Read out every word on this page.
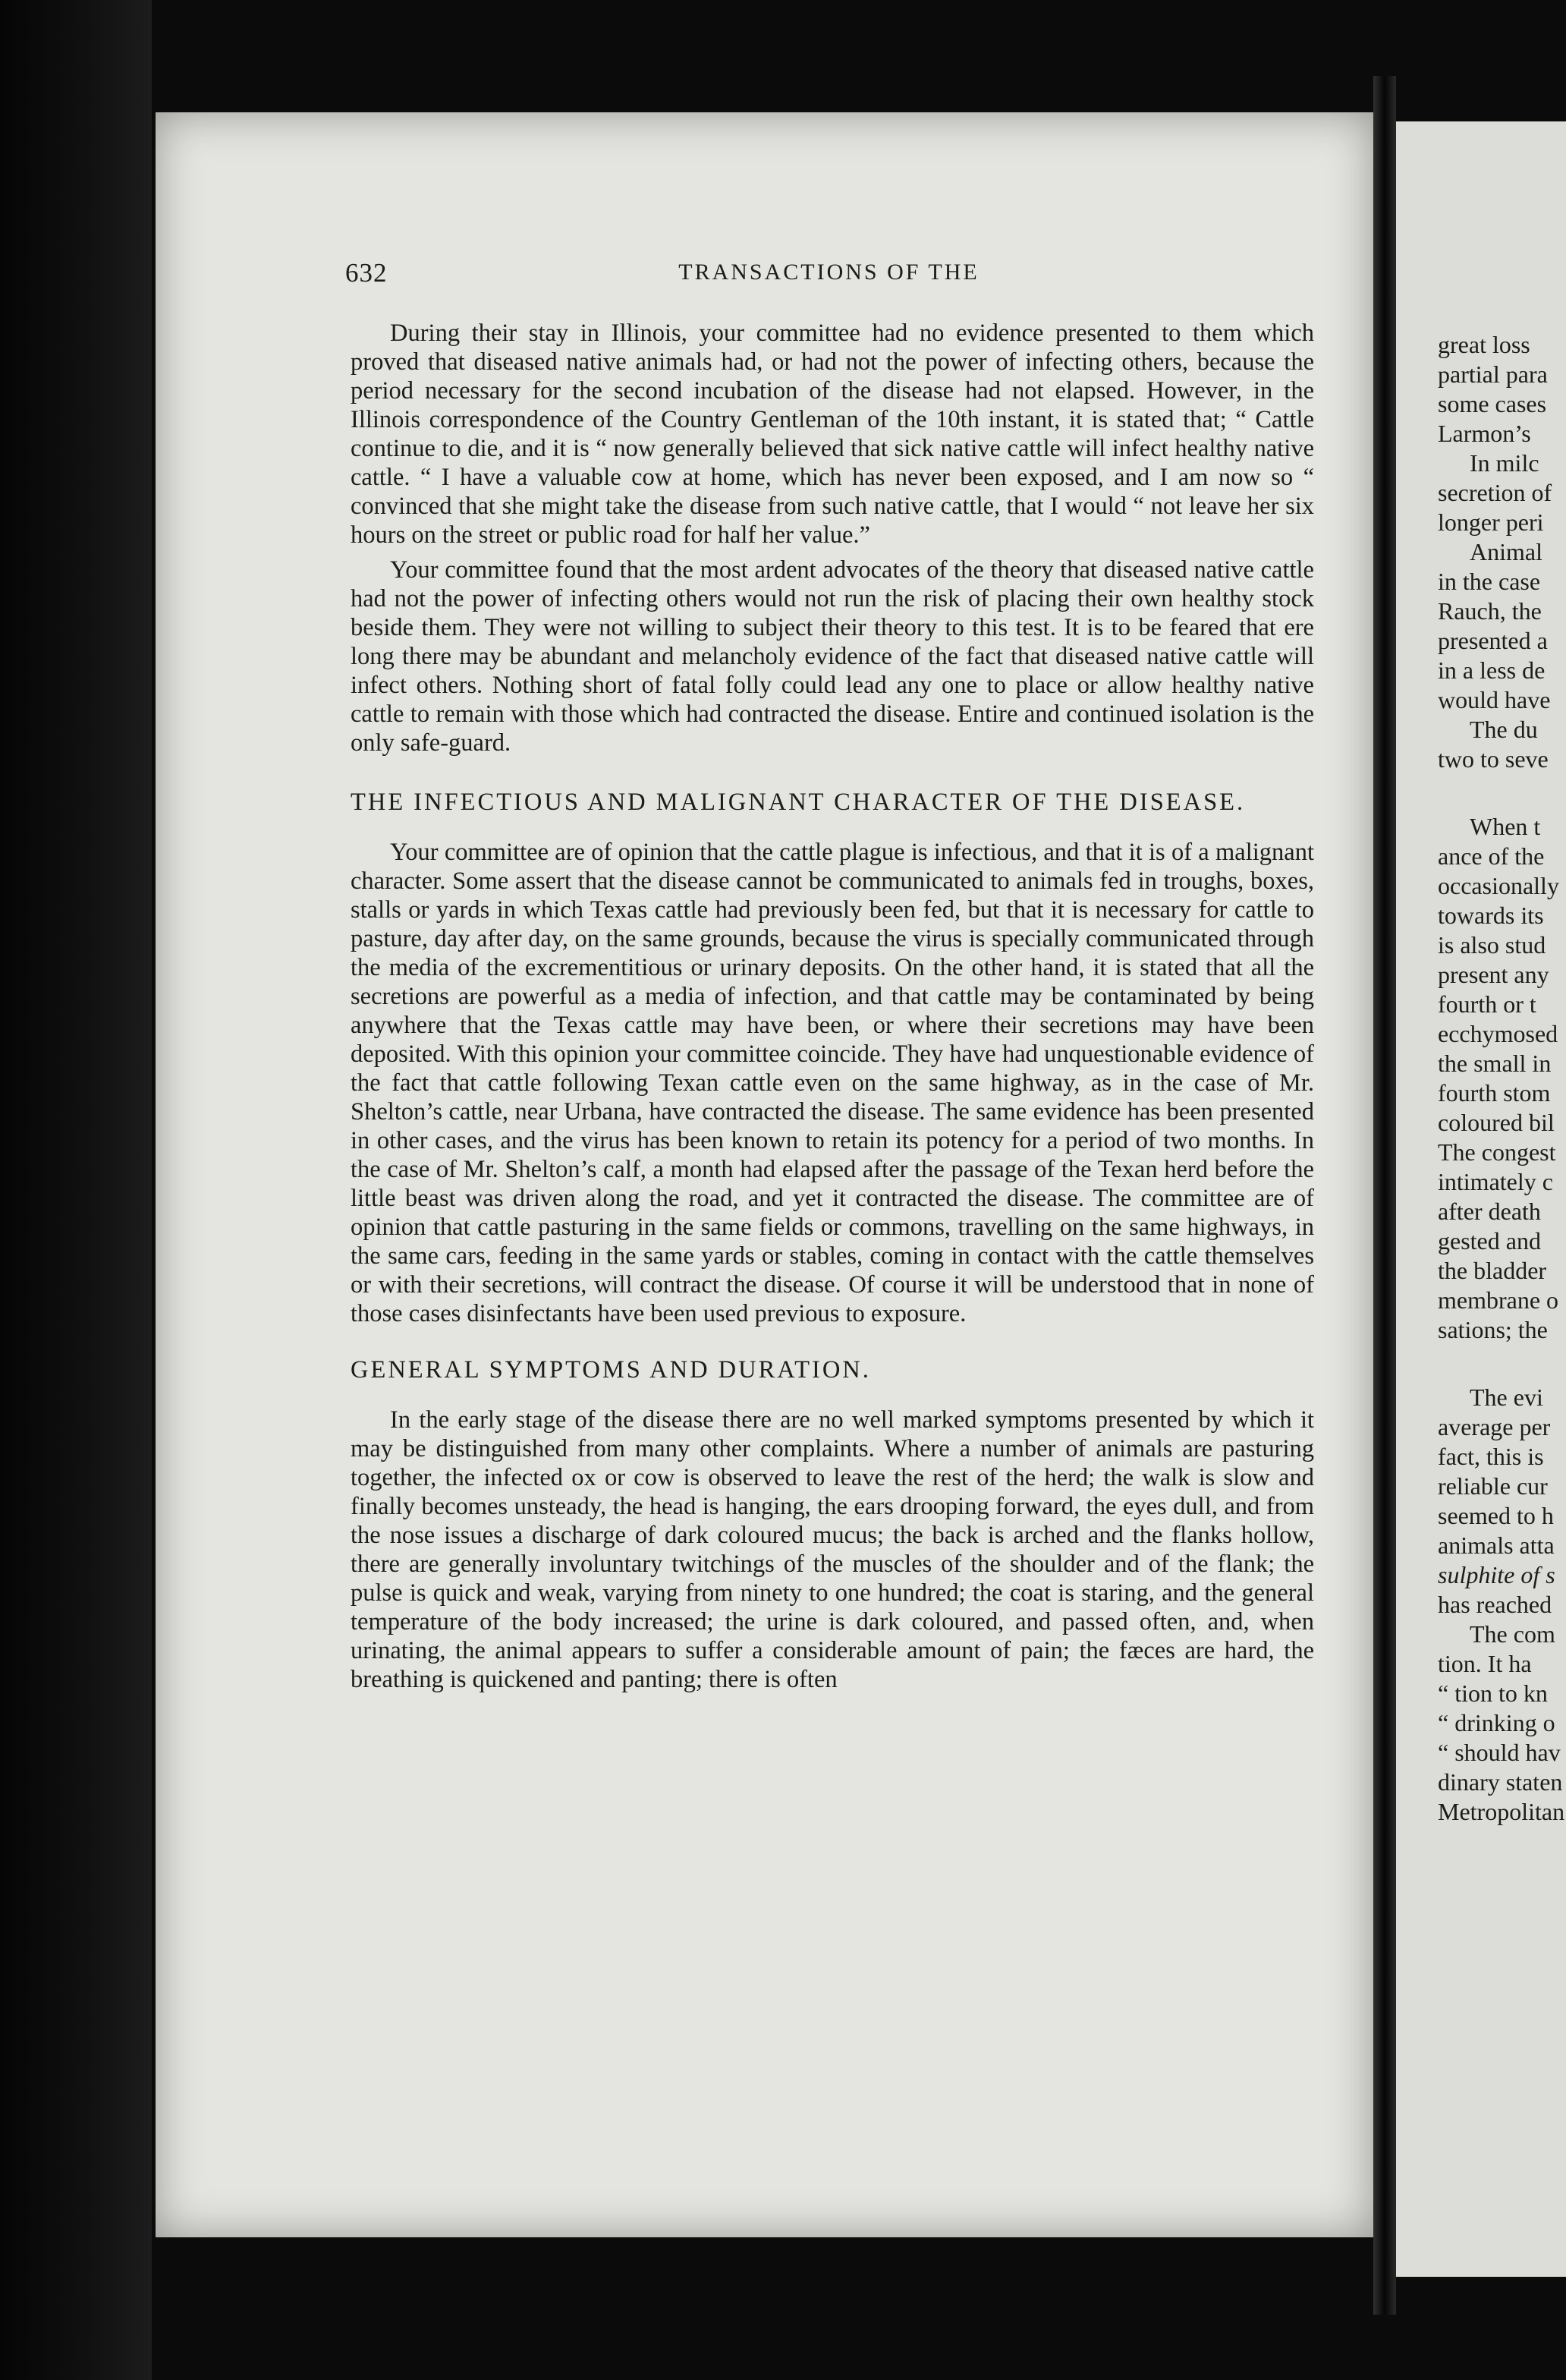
632	TRANSACTIONS OF THE

During their stay in Illinois, your committee had no evidence presented to them which proved that diseased native animals had, or had not the power of infecting others, because the period necessary for the second incubation of the disease had not elapsed. However, in the Illinois correspondence of the Country Gentleman of the 10th instant, it is stated that; “ Cattle continue to die, and it is “ now generally believed that sick native cattle will infect healthy native cattle. “ I have a valuable cow at home, which has never been exposed, and I am now so “ convinced that she might take the disease from such native cattle, that I would “ not leave her six hours on the street or public road for half her value.”

Your committee found that the most ardent advocates of the theory that diseased native cattle had not the power of infecting others would not run the risk of placing their own healthy stock beside them. They were not willing to subject their theory to this test. It is to be feared that ere long there may be abundant and melancholy evidence of the fact that diseased native cattle will infect others. Nothing short of fatal folly could lead any one to place or allow healthy native cattle to remain with those which had contracted the disease. Entire and continued isolation is the only safe-guard.

THE INFECTIOUS AND MALIGNANT CHARACTER OF THE DISEASE.

Your committee are of opinion that the cattle plague is infectious, and that it is of a malignant character. Some assert that the disease cannot be communicated to animals fed in troughs, boxes, stalls or yards in which Texas cattle had previously been fed, but that it is necessary for cattle to pasture, day after day, on the same grounds, because the virus is specially communicated through the media of the excrementitious or urinary deposits. On the other hand, it is stated that all the secretions are powerful as a media of infection, and that cattle may be contaminated by being anywhere that the Texas cattle may have been, or where their secretions may have been deposited. With this opinion your committee coincide. They have had unquestionable evidence of the fact that cattle following Texan cattle even on the same highway, as in the case of Mr. Shelton’s cattle, near Urbana, have contracted the disease. The same evidence has been presented in other cases, and the virus has been known to retain its potency for a period of two months. In the case of Mr. Shelton’s calf, a month had elapsed after the passage of the Texan herd before the little beast was driven along the road, and yet it contracted the disease. The committee are of opinion that cattle pasturing in the same fields or commons, travelling on the same highways, in the same cars, feeding in the same yards or stables, coming in contact with the cattle themselves or with their secretions, will contract the disease. Of course it will be understood that in none of those cases disinfectants have been used previous to exposure.

GENERAL SYMPTOMS AND DURATION.

In the early stage of the disease there are no well marked symptoms presented by which it may be distinguished from many other complaints. Where a number of animals are pasturing together, the infected ox or cow is observed to leave the rest of the herd; the walk is slow and finally becomes unsteady, the head is hanging, the ears drooping forward, the eyes dull, and from the nose issues a discharge of dark coloured mucus; the back is arched and the flanks hollow, there are generally involuntary twitchings of the muscles of the shoulder and of the flank; the pulse is quick and weak, varying from ninety to one hundred; the coat is staring, and the general temperature of the body increased; the urine is dark coloured, and passed often, and, when urinating, the animal appears to suffer a considerable amount of pain; the fæces are hard, the breathing is quickened and panting; there is often

great loss
partial para
some cases
Larmon’s
In milc
secretion of
longer peri
Animal
in the case
Rauch, the
presented a
in a less de
would have
The du
two to seve
When t
ance of the
occasionally
towards its
is also stud
present any
fourth or t
ecchymosed
the small in
fourth stom
coloured bil
The congest
intimately c
after death
gested and
the bladder
membrane o
sations; the
The evi
average per
fact, this is
reliable cur
seemed to h
animals atta
sulphite of s
has reached
The com
tion. It ha
“ tion to kn
“ drinking o
“ should hav
dinary staten
Metropolitan
